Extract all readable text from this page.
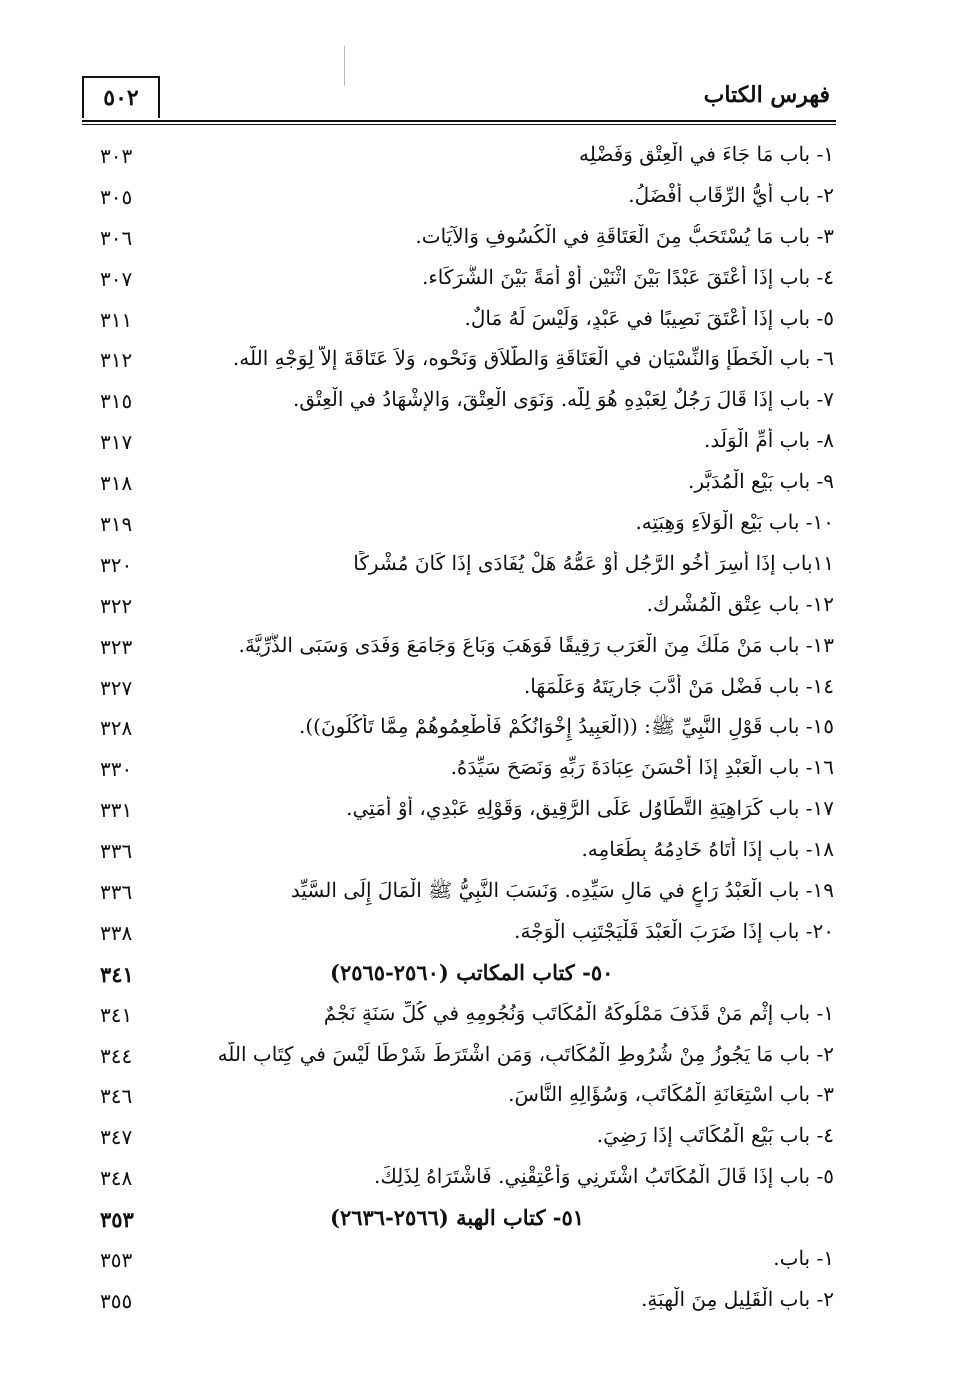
٥٠٢	فهرس الكتاب
١- باب مَا جَاءَ في الْعِتْقِ وَفَضْلِه
٣٠٣
٢- باب أَيُّ الرِّقَابِ أَفْضَلُ.
٣٠٥
٣- باب مَا يُسْتَحَبُّ مِنَ الْعَتَاقَةِ في الْكُسُوفِ وَالآيَات.
٣٠٦
٤- باب إِذَا أَعْتَقَ عَبْدًا بَيْنَ اثْنَيْنِ أَوْ أَمَةً بَيْنَ الشُّرَكَاء.
٣٠٧
٥- باب إِذَا أَعْتَقَ نَصِيبًا في عَبْدٍ، وَلَيْسَ لَهُ مَالٌ.
٣١١
٦- باب الْخَطَإِ وَالنِّسْيَانِ في الْعَتَاقَةِ وَالطَّلاَقِ وَنَحْوِه، وَلاَ عَتَاقَةَ إِلاَّ لِوَجْهِ اللَّه.
٣١٢
٧- باب إِذَا قَالَ رَجُلٌ لِعَبْدِهِ هُوَ لِلَّه. وَنَوَى الْعِتْقَ، وَالإِشْهَادُ في الْعِتْقِ.
٣١٥
٨- باب أُمِّ الْوَلَد.
٣١٧
٩- باب بَيْعِ الْمُدَبَّرِ.
٣١٨
١٠- باب بَيْعِ الْوَلاَءِ وَهِبَتِه.
٣١٩
١١باب إِذَا أُسِرَ أَخُو الرَّجُلِ أَوْ عَمُّهُ هَلْ يُفَادَى إِذَا كَانَ مُشْرِكًا
٣٢٠
١٢- باب عِتْقِ الْمُشْرِك.
٣٢٢
١٣- باب مَنْ مَلَكَ مِنَ الْعَرَبِ رَقِيقًا فَوَهَبَ وَبَاعَ وَجَامَعَ وَفَدَى وَسَبَى الذُّرِّيَّةَ.
٣٢٣
١٤- باب فَضْلِ مَنْ أَدَّبَ جَارِيَتَهُ وَعَلَّمَهَا.
٣٢٧
١٥- باب قَوْلِ النَّبِيِّ ﷺ: ((الْعَبِيدُ إِخْوَانُكُمْ فَأَطْعِمُوهُمْ مِمَّا تَأْكُلُونَ)).
٣٢٨
١٦- باب الْعَبْدِ إِذَا أَحْسَنَ عِبَادَةَ رَبِّهِ وَنَصَحَ سَيِّدَهُ.
٣٣٠
١٧- باب كَرَاهِيَةِ التَّطَاوُلِ عَلَى الرَّقِيقِ، وَقَوْلِهِ عَبْدِي، أَوْ أَمَتِي.
٣٣١
١٨- باب إِذَا أَتَاهُ خَادِمُهُ بِطَعَامِه.
٣٣٦
١٩- باب الْعَبْدُ رَاعٍ في مَالِ سَيِّدِه. وَنَسَبَ النَّبِيُّ ﷺ الْمَالَ إِلَى السَّيِّد
٣٣٦
٢٠- باب إِذَا ضَرَبَ الْعَبْدَ فَلْيَجْتَنِبِ الْوَجْهَ.
٣٣٨
٥٠- كتاب المكاتب (٢٥٦٠-٢٥٦٥)
٣٤١
١- باب إِثْمِ مَنْ قَذَفَ مَمْلُوكَهُ الْمُكَاتَبِ وَنُجُومِهِ في كُلِّ سَنَةٍ نَجْمٌ
٣٤١
٢- باب مَا يَجُوزُ مِنْ شُرُوطِ الْمُكَاتَبِ، وَمَنِ اشْتَرَطَ شَرْطًا لَيْسَ في كِتَابِ اللَّه
٣٤٤
٣- باب اسْتِعَانَةِ الْمُكَاتَبِ، وَسُؤَالِهِ النَّاسَ.
٣٤٦
٤- باب بَيْعِ الْمُكَاتَبِ إِذَا رَضِيَ.
٣٤٧
٥- باب إِذَا قَالَ الْمُكَاتَبُ اشْتَرِنِي وَأَعْتِقْنِي. فَاشْتَرَاهُ لِذَلِكَ.
٣٤٨
٥١- كتاب الهبة (٢٥٦٦-٢٦٣٦)
٣٥٣
١- باب.
٣٥٣
٢- باب الْقَلِيلِ مِنَ الْهِبَةِ.
٣٥٥
